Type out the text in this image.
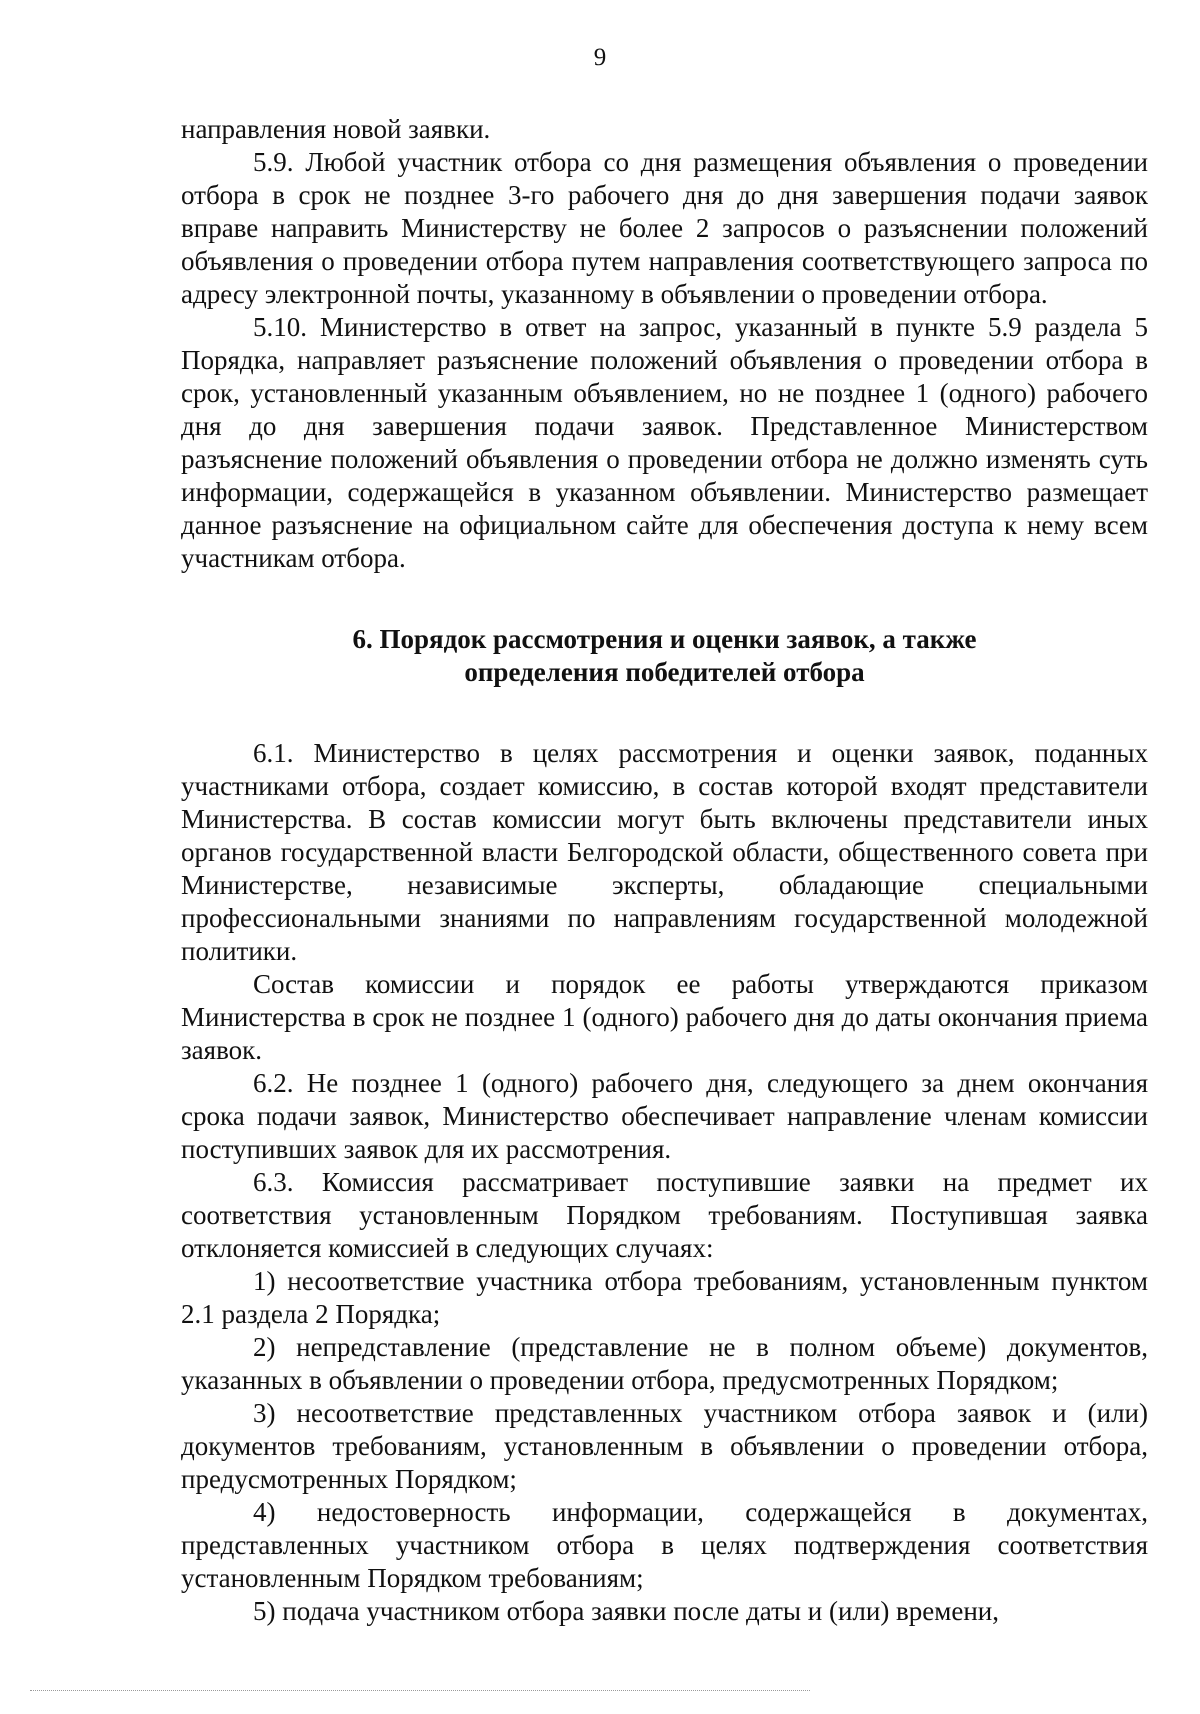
9

направления новой заявки.

5.9. Любой участник отбора со дня размещения объявления о проведении отбора в срок не позднее 3-го рабочего дня до дня завершения подачи заявок вправе направить Министерству не более 2 запросов о разъяснении положений объявления о проведении отбора путем направления соответствующего запроса по адресу электронной почты, указанному в объявлении о проведении отбора.

5.10. Министерство в ответ на запрос, указанный в пункте 5.9 раздела 5 Порядка, направляет разъяснение положений объявления о проведении отбора в срок, установленный указанным объявлением, но не позднее 1 (одного) рабочего дня до дня завершения подачи заявок. Представленное Министерством разъяснение положений объявления о проведении отбора не должно изменять суть информации, содержащейся в указанном объявлении. Министерство размещает данное разъяснение на официальном сайте для обеспечения доступа к нему всем участникам отбора.

6. Порядок рассмотрения и оценки заявок, а также
определения победителей отбора

6.1. Министерство в целях рассмотрения и оценки заявок, поданных участниками отбора, создает комиссию, в состав которой входят представители Министерства. В состав комиссии могут быть включены представители иных органов государственной власти Белгородской области, общественного совета при Министерстве, независимые эксперты, обладающие специальными профессиональными знаниями по направлениям государственной молодежной политики.

Состав комиссии и порядок ее работы утверждаются приказом Министерства в срок не позднее 1 (одного) рабочего дня до даты окончания приема заявок.

6.2. Не позднее 1 (одного) рабочего дня, следующего за днем окончания срока подачи заявок, Министерство обеспечивает направление членам комиссии поступивших заявок для их рассмотрения.

6.3. Комиссия рассматривает поступившие заявки на предмет их соответствия установленным Порядком требованиям. Поступившая заявка отклоняется комиссией в следующих случаях:

1) несоответствие участника отбора требованиям, установленным пунктом 2.1 раздела 2 Порядка;

2) непредставление (представление не в полном объеме) документов, указанных в объявлении о проведении отбора, предусмотренных Порядком;

3) несоответствие представленных участником отбора заявок и (или) документов требованиям, установленным в объявлении о проведении отбора, предусмотренных Порядком;

4) недостоверность информации, содержащейся в документах, представленных участником отбора в целях подтверждения соответствия установленным Порядком требованиям;

5) подача участником отбора заявки после даты и (или) времени,
